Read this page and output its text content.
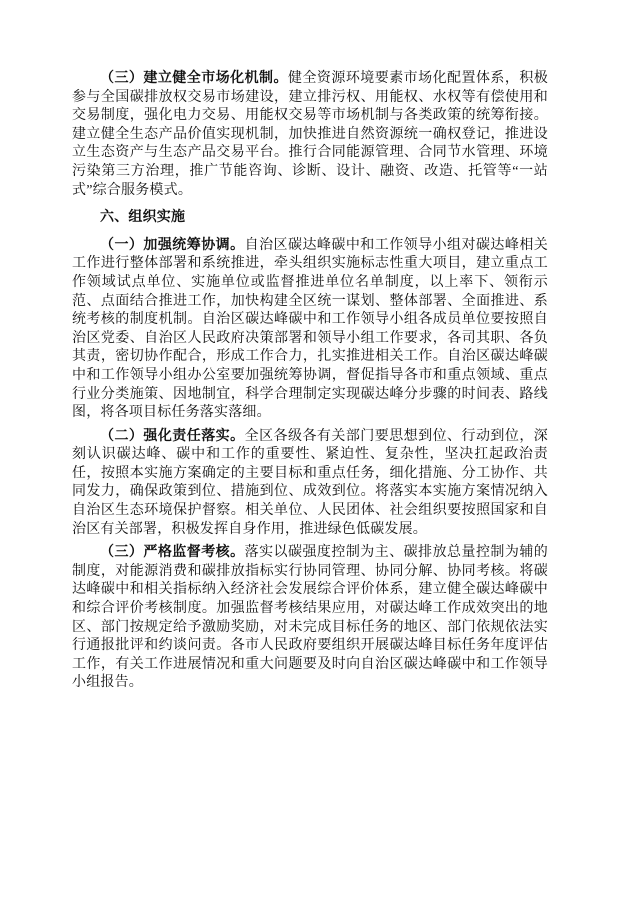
（三）建立健全市场化机制。健全资源环境要素市场化配置体系，积极参与全国碳排放权交易市场建设，建立排污权、用能权、水权等有偿使用和交易制度，强化电力交易、用能权交易等市场机制与各类政策的统筹衔接。建立健全生态产品价值实现机制，加快推进自然资源统一确权登记，推进设立生态资产与生态产品交易平台。推行合同能源管理、合同节水管理、环境污染第三方治理，推广节能咨询、诊断、设计、融资、改造、托管等“一站式”综合服务模式。

六、组织实施

（一）加强统筹协调。自治区碳达峰碳中和工作领导小组对碳达峰相关工作进行整体部署和系统推进，牵头组织实施标志性重大项目，建立重点工作领域试点单位、实施单位或监督推进单位名单制度，以上率下、领衔示范、点面结合推进工作，加快构建全区统一谋划、整体部署、全面推进、系统考核的制度机制。自治区碳达峰碳中和工作领导小组各成员单位要按照自治区党委、自治区人民政府决策部署和领导小组工作要求，各司其职、各负其责，密切协作配合，形成工作合力，扎实推进相关工作。自治区碳达峰碳中和工作领导小组办公室要加强统筹协调，督促指导各市和重点领域、重点行业分类施策、因地制宜，科学合理制定实现碳达峰分步骤的时间表、路线图，将各项目标任务落实落细。

（二）强化责任落实。全区各级各有关部门要思想到位、行动到位，深刻认识碳达峰、碳中和工作的重要性、紧迫性、复杂性，坚决扛起政治责任，按照本实施方案确定的主要目标和重点任务，细化措施、分工协作、共同发力，确保政策到位、措施到位、成效到位。将落实本实施方案情况纳入自治区生态环境保护督察。相关单位、人民团体、社会组织要按照国家和自治区有关部署，积极发挥自身作用，推进绿色低碳发展。

（三）严格监督考核。落实以碳强度控制为主、碳排放总量控制为辅的制度，对能源消费和碳排放指标实行协同管理、协同分解、协同考核。将碳达峰碳中和相关指标纳入经济社会发展综合评价体系，建立健全碳达峰碳中和综合评价考核制度。加强监督考核结果应用，对碳达峰工作成效突出的地区、部门按规定给予激励奖励，对未完成目标任务的地区、部门依规依法实行通报批评和约谈问责。各市人民政府要组织开展碳达峰目标任务年度评估工作，有关工作进展情况和重大问题要及时向自治区碳达峰碳中和工作领导小组报告。
